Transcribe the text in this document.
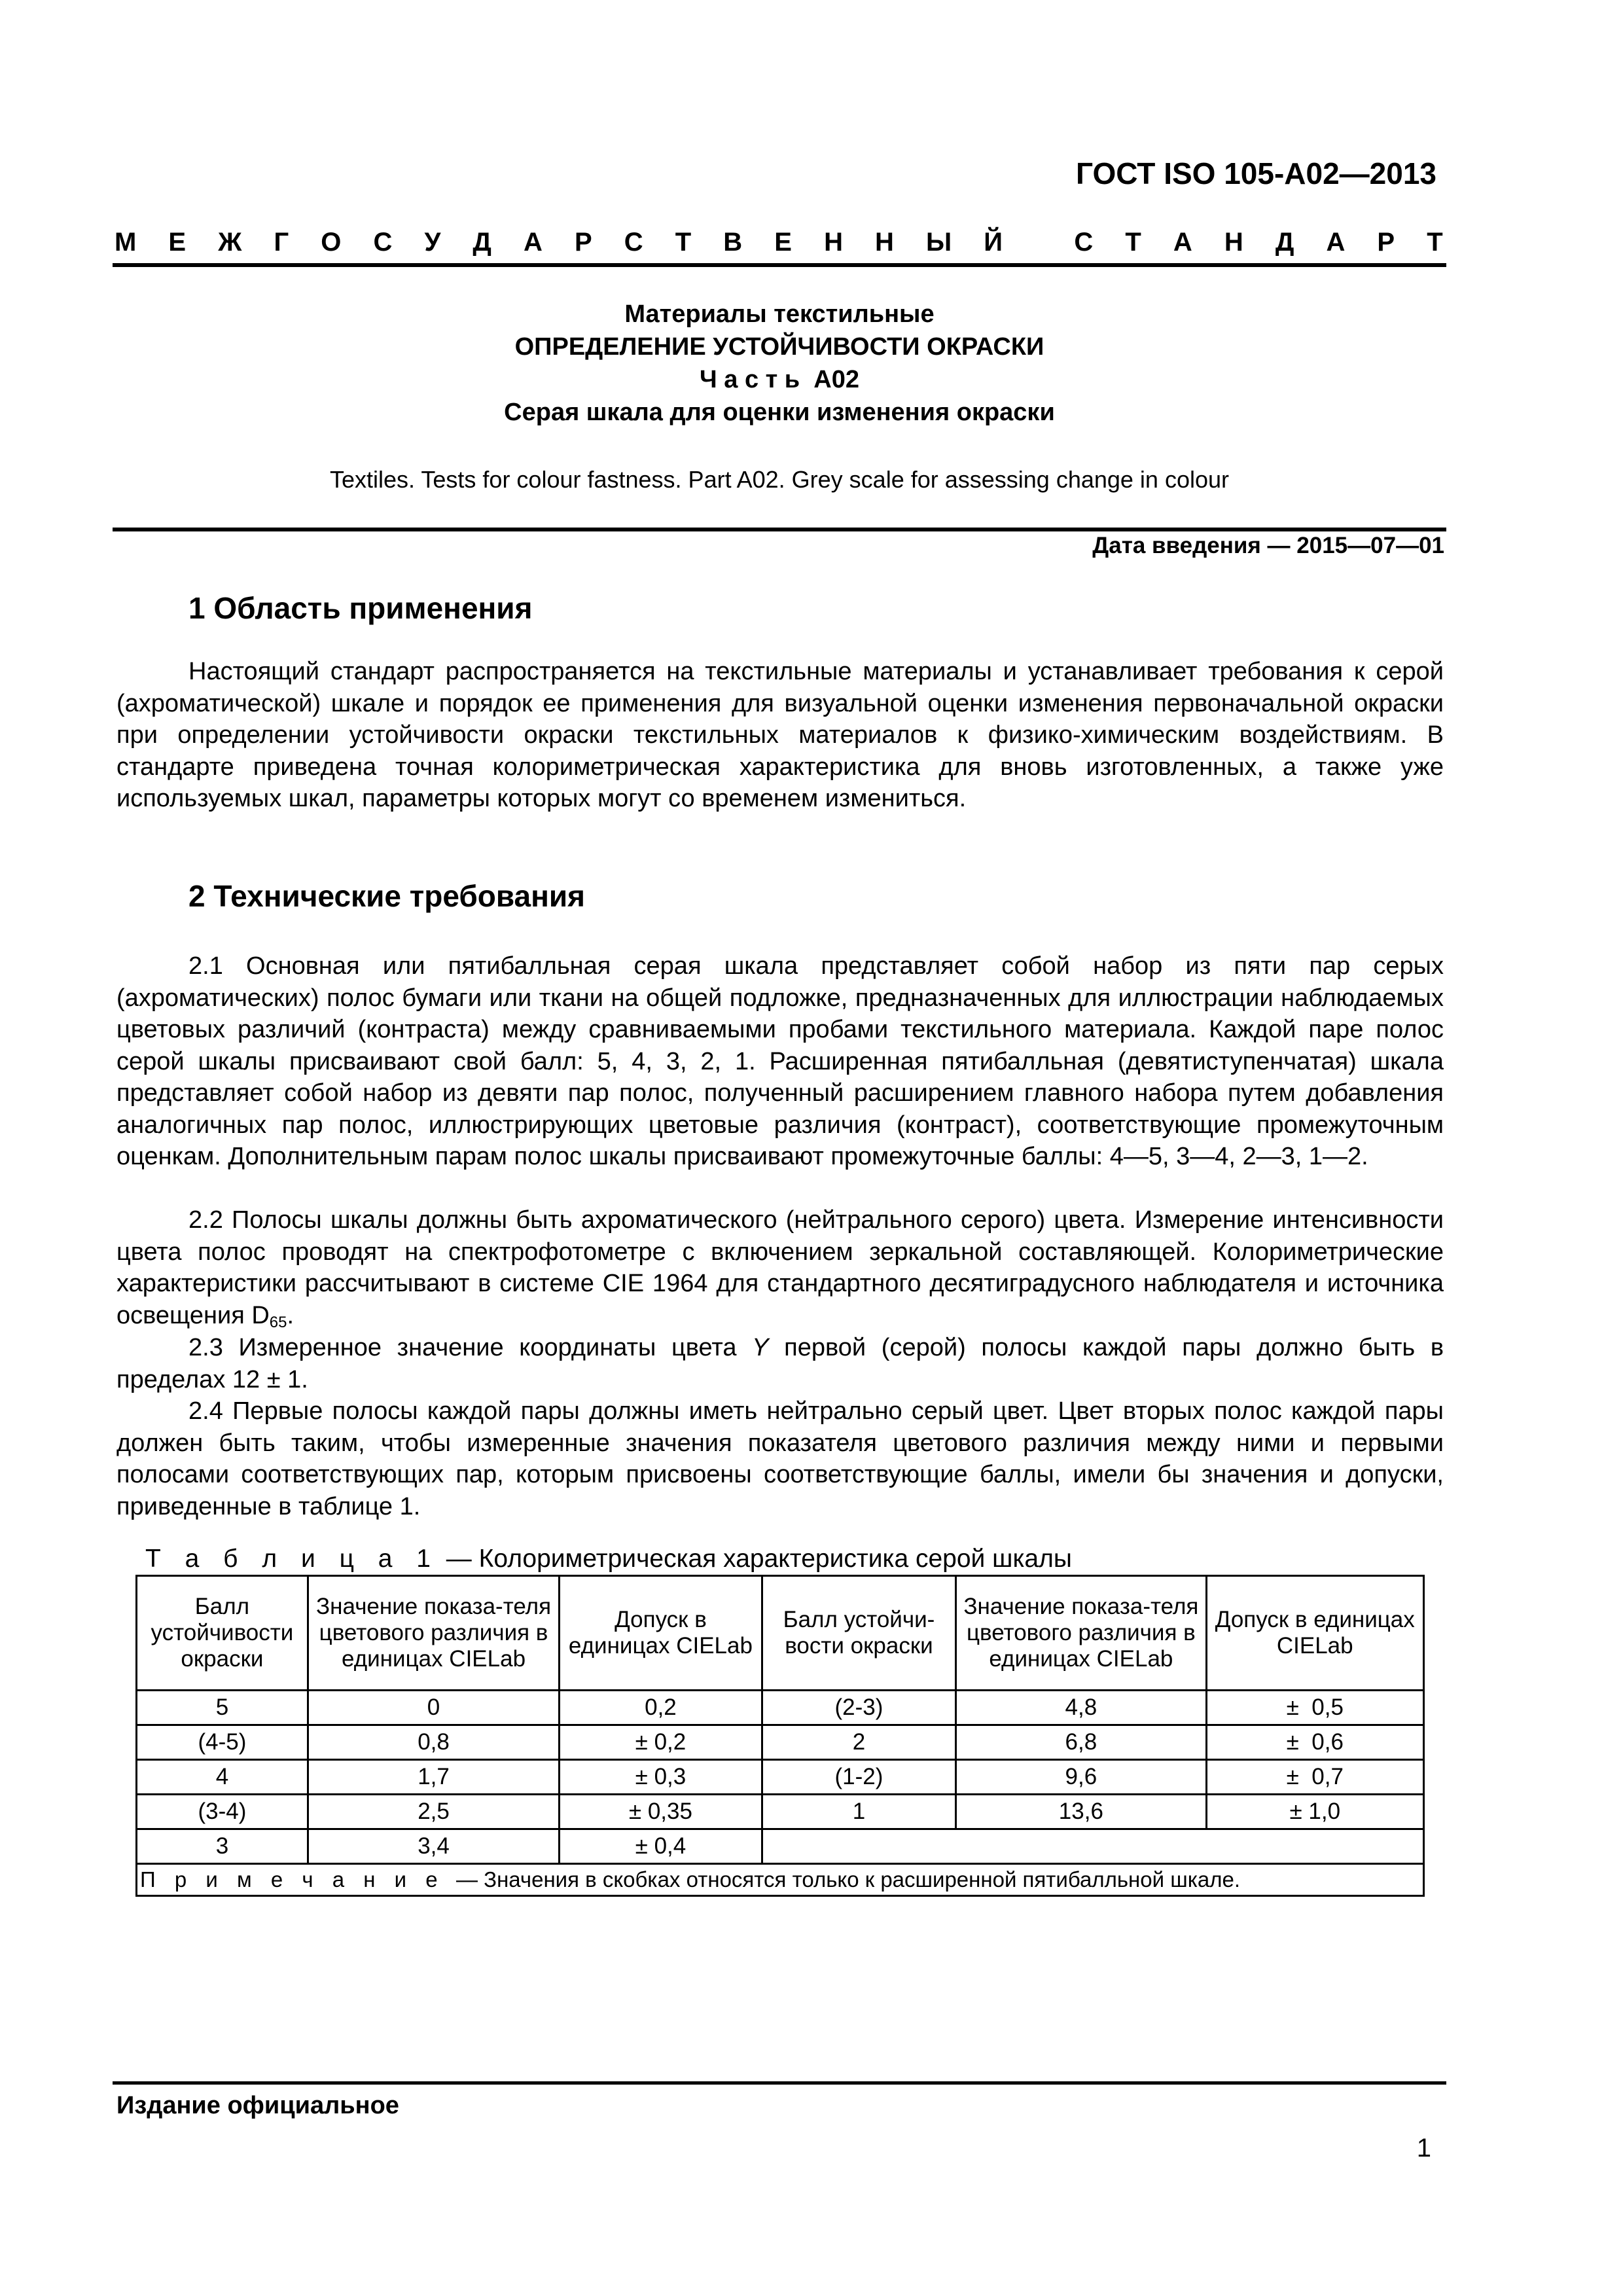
ГОСТ ISO 105-A02—2013
М Е Ж Г О С У Д А Р С Т В Е Н Н Ы Й
	С Т А Н Д А Р Т
Материалы текстильные
ОПРЕДЕЛЕНИЕ УСТОЙЧИВОСТИ ОКРАСКИ
Ч а с т ь  А02
Серая шкала для оценки изменения окраски
Textiles. Tests for colour fastness. Part A02. Grey scale for assessing change in colour
Дата введения — 2015—07—01
1 Область применения

Настоящий стандарт распространяется на текстильные материалы и устанавливает требования к серой (ахроматической) шкале и порядок ее применения для визуальной оценки изменения первоначальной окраски при определении устойчивости окраски текстильных материалов к физико-химическим воздействиям. В стандарте приведена точная колориметрическая характеристика для вновь изготовленных, а также уже используемых шкал, параметры которых могут со временем измениться.

2 Технические требования

2.1 Основная или пятибалльная серая шкала представляет собой набор из пяти пар серых (ахроматических) полос бумаги или ткани на общей подложке, предназначенных для иллюстрации наблюдаемых цветовых различий (контраста) между сравниваемыми пробами текстильного материала. Каждой паре полос серой шкалы присваивают свой балл: 5, 4, 3, 2, 1. Расширенная пятибалльная (девятиступенчатая) шкала представляет собой набор из девяти пар полос, полученный расширением главного набора путем добавления аналогичных пар полос, иллюстрирующих цветовые различия (контраст), соответствующие промежуточным оценкам. Дополнительным парам полос шкалы присваивают промежуточные баллы: 4—5, 3—4, 2—3, 1—2.

2.2 Полосы шкалы должны быть ахроматического (нейтрального серого) цвета. Измерение интенсивности цвета полос проводят на спектрофотометре с включением зеркальной составляющей. Колориметрические характеристики рассчитывают в системе CIE 1964 для стандартного десятиградусного наблюдателя и источника освещения $D_{65}$.

2.3 Измеренное значение координаты цвета Y первой (серой) полосы каждой пары должно быть в пределах 12 ± 1.

2.4 Первые полосы каждой пары должны иметь нейтрально серый цвет. Цвет вторых полос каждой пары должен быть таким, чтобы измеренные значения показателя цветового различия между ними и первыми полосами соответствующих пар, которым присвоены соответствующие баллы, имели бы значения и допуски, приведенные в таблице 1.

Т а б л и ц а 1 — Колориметрическая характеристика серой шкалы
Балл устойчивости окраски	Значение показа-теля цветового различия в единицах CIELab	Допуск в единицах CIELab	Балл устойчи-вости окраски	Значение показа-теля цветового различия в единицах CIELab	Допуск в единицах CIELab
5	0	0,2	(2-3)	4,8	±  0,5
(4-5)	0,8	± 0,2	2	6,8	±  0,6
4	1,7	± 0,3	(1-2)	9,6	±  0,7
(3-4)	2,5	± 0,35	1	13,6	± 1,0
3	3,4	± 0,4			
П р и м е ч а н и е  — Значения в скобках относятся только к расширенной пятибалльной шкале.					
Издание официальное
1
